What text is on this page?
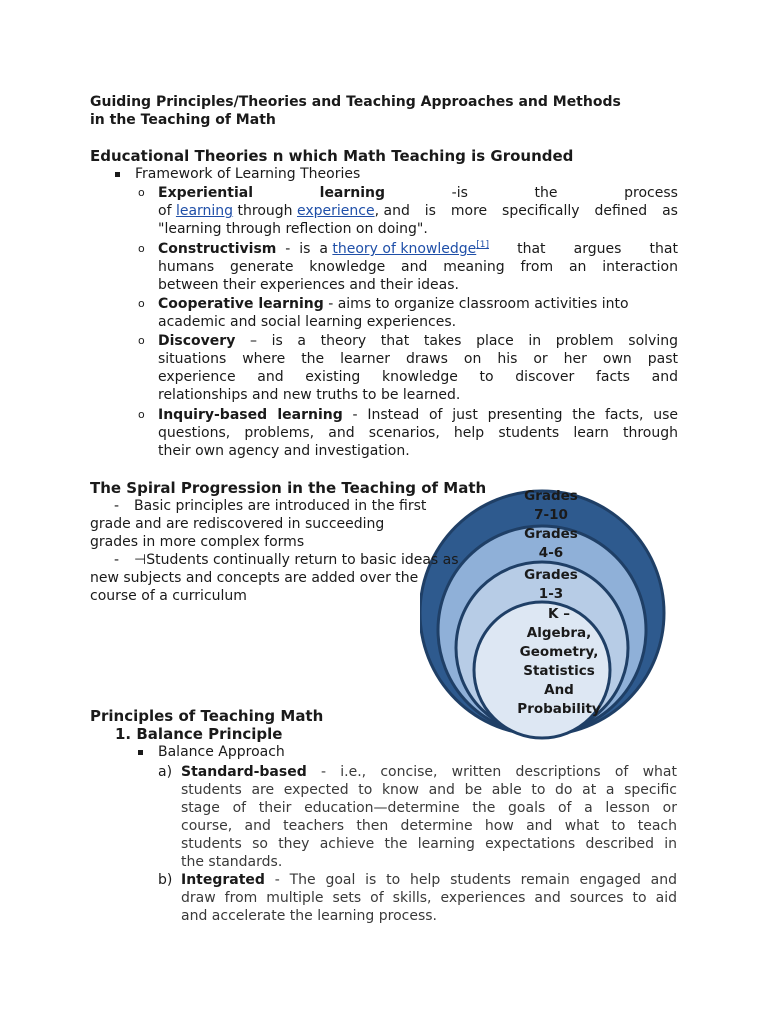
Guiding Principles/Theories and Teaching Approaches and Methods
in the Teaching of Math
Educational Theories n which Math Teaching is Grounded
Framework of Learning Theories
o Experiential	learning	-is	the	process
of learning through experience, and is more specifically defined as
"learning through reflection on doing".
o Constructivism  -  is  a theory of knowledge[1] that argues that
humans generate knowledge and meaning from an interaction
between their experiences and their ideas.
o Cooperative learning - aims to organize classroom activities into
academic and social learning experiences.
o Discovery – is a theory that takes place in problem solving
situations where the learner draws on his or her own past
experience and existing knowledge to discover facts and
relationships and new truths to be learned.
o Inquiry-based learning - Instead of just presenting the facts, use
questions, problems, and scenarios, help students learn through
their own agency and investigation.
Grades
7-10
Grades
4-6
Grades
1-3
K –
Algebra,
Geometry,
Statistics
And
Probability
The Spiral Progression in the Teaching of Math
- Basic principles are introduced in the first
grade and are rediscovered in succeeding
grades in more complex forms
- ⊣Students continually return to basic ideas as
new subjects and concepts are added over the
course of a curriculum
Principles of Teaching Math
1. Balance Principle
Balance Approach
a) Standard-based - i.e., concise, written descriptions of what
students are expected to know and be able to do at a specific
stage of their education—determine the goals of a lesson or
course, and teachers then determine how and what to teach
students so they achieve the learning expectations described in
the standards.
b) Integrated - The goal is to help students remain engaged and
draw from multiple sets of skills, experiences and sources to aid
and accelerate the learning process.
